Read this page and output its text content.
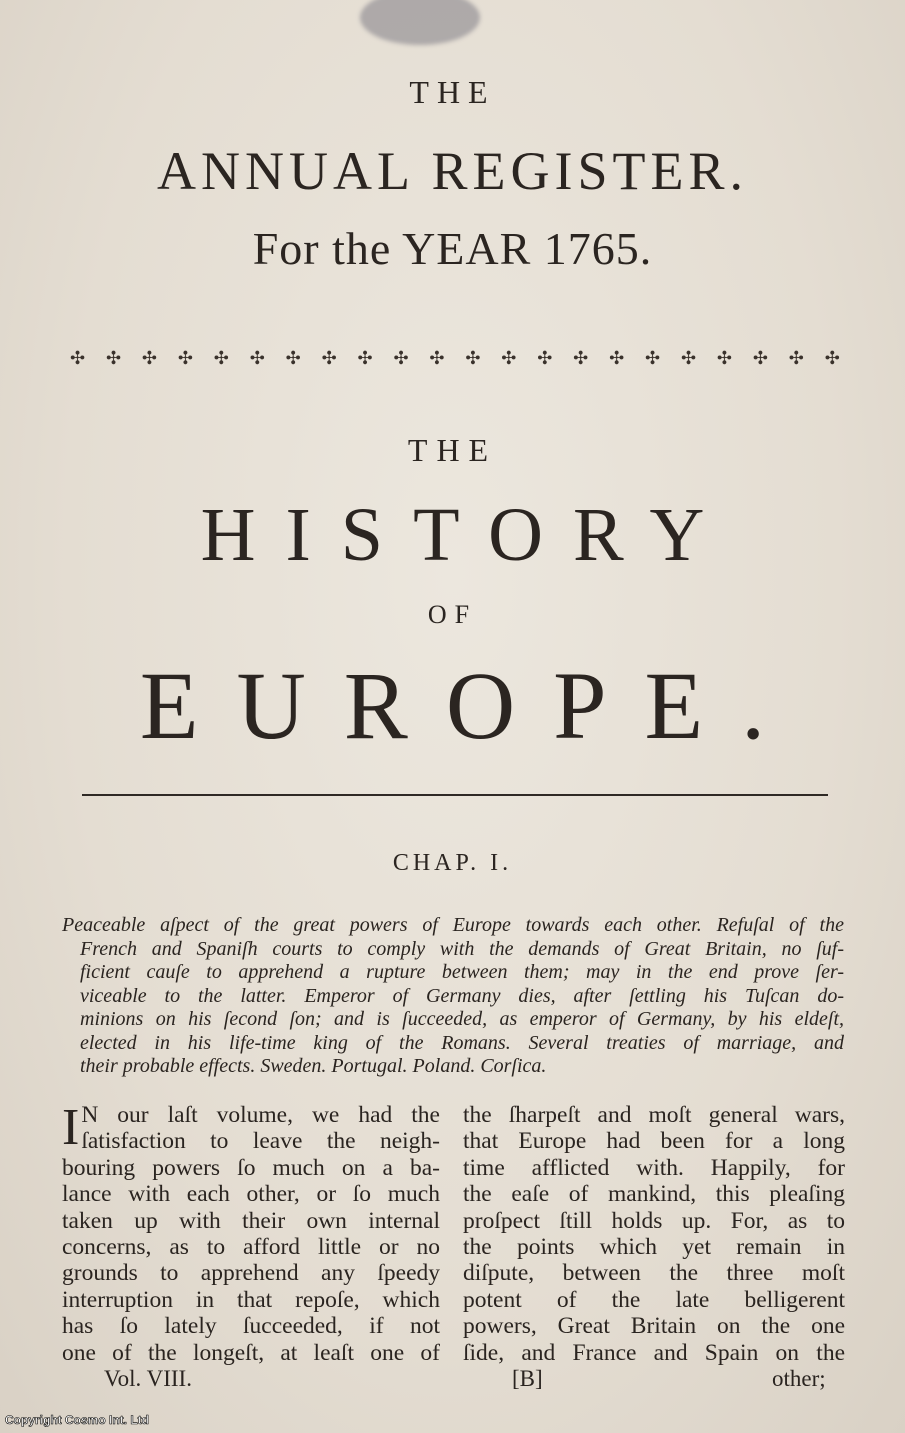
THE
ANNUAL REGISTER.
For the YEAR 1765.
✣ ✣ ✣ ✣ ✣ ✣ ✣ ✣ ✣ ✣ ✣ ✣ ✣ ✣ ✣ ✣ ✣ ✣ ✣ ✣ ✣ ✣
THE
HISTORY
OF
EUROPE.
CHAP. I.
Peaceable aſpect of the great powers of Europe towards each other. Refuſal of the
French and Spaniſh courts to comply with the demands of Great Britain, no ſuf-
ficient cauſe to apprehend a rupture between them; may in the end prove ſer-
viceable to the latter. Emperor of Germany dies, after ſettling his Tuſcan do-
minions on his ſecond ſon; and is ſucceeded, as emperor of Germany, by his eldeſt,
elected in his life-time king of the Romans. Several treaties of marriage, and
their probable effects. Sweden. Portugal. Poland. Corſica.
I N our laſt volume, we had the
ſatisfaction to leave the neigh-
bouring powers ſo much on a ba-
lance with each other, or ſo much
taken up with their own internal
concerns, as to afford little or no
grounds to apprehend any ſpeedy
interruption in that repoſe, which
has ſo lately ſucceeded, if not
one of the longeſt, at leaſt one of
the ſharpeſt and moſt general wars,
that Europe had been for a long
time afflicted with. Happily, for
the eaſe of mankind, this pleaſing
proſpect ſtill holds up. For, as to
the points which yet remain in
diſpute, between the three moſt
potent of the late belligerent
powers, Great Britain on the one
ſide, and France and Spain on the
Vol. VIII.	[B]	other;
Copyright Cosmo Int. Ltd
